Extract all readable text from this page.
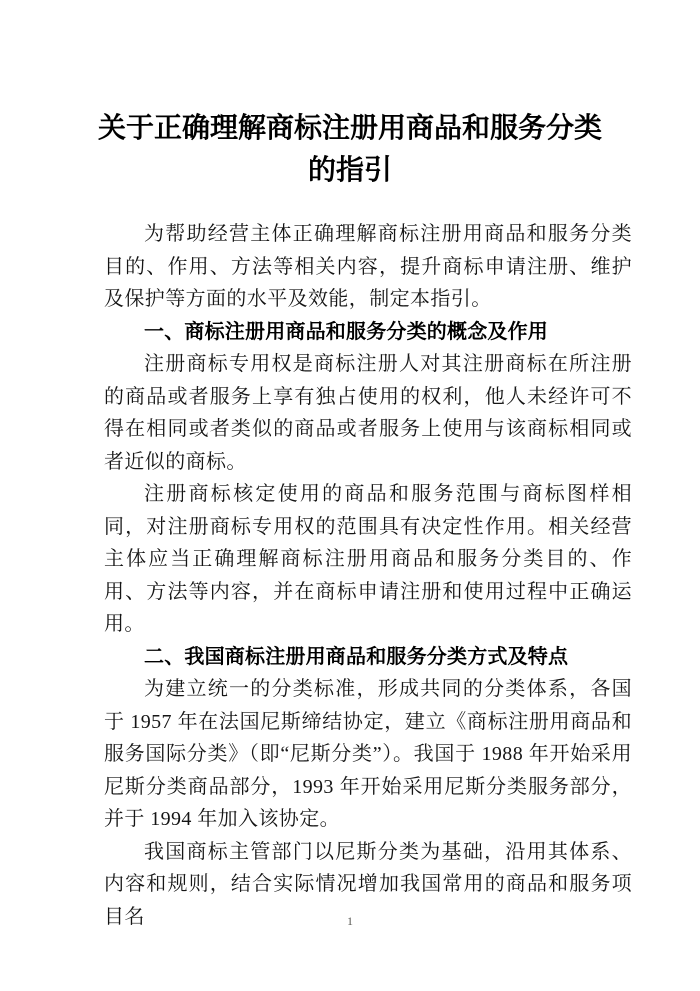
关于正确理解商标注册用商品和服务分类
的指引

为帮助经营主体正确理解商标注册用商品和服务分类目的、作用、方法等相关内容，提升商标申请注册、维护及保护等方面的水平及效能，制定本指引。

一、商标注册用商品和服务分类的概念及作用

注册商标专用权是商标注册人对其注册商标在所注册的商品或者服务上享有独占使用的权利，他人未经许可不得在相同或者类似的商品或者服务上使用与该商标相同或者近似的商标。

注册商标核定使用的商品和服务范围与商标图样相同，对注册商标专用权的范围具有决定性作用。相关经营主体应当正确理解商标注册用商品和服务分类目的、作用、方法等内容，并在商标申请注册和使用过程中正确运用。

二、我国商标注册用商品和服务分类方式及特点

为建立统一的分类标准，形成共同的分类体系，各国于 1957 年在法国尼斯缔结协定，建立《商标注册用商品和服务国际分类》（即“尼斯分类”）。我国于 1988 年开始采用尼斯分类商品部分，1993 年开始采用尼斯分类服务部分，并于 1994 年加入该协定。

我国商标主管部门以尼斯分类为基础，沿用其体系、内容和规则，结合实际情况增加我国常用的商品和服务项目名	1
